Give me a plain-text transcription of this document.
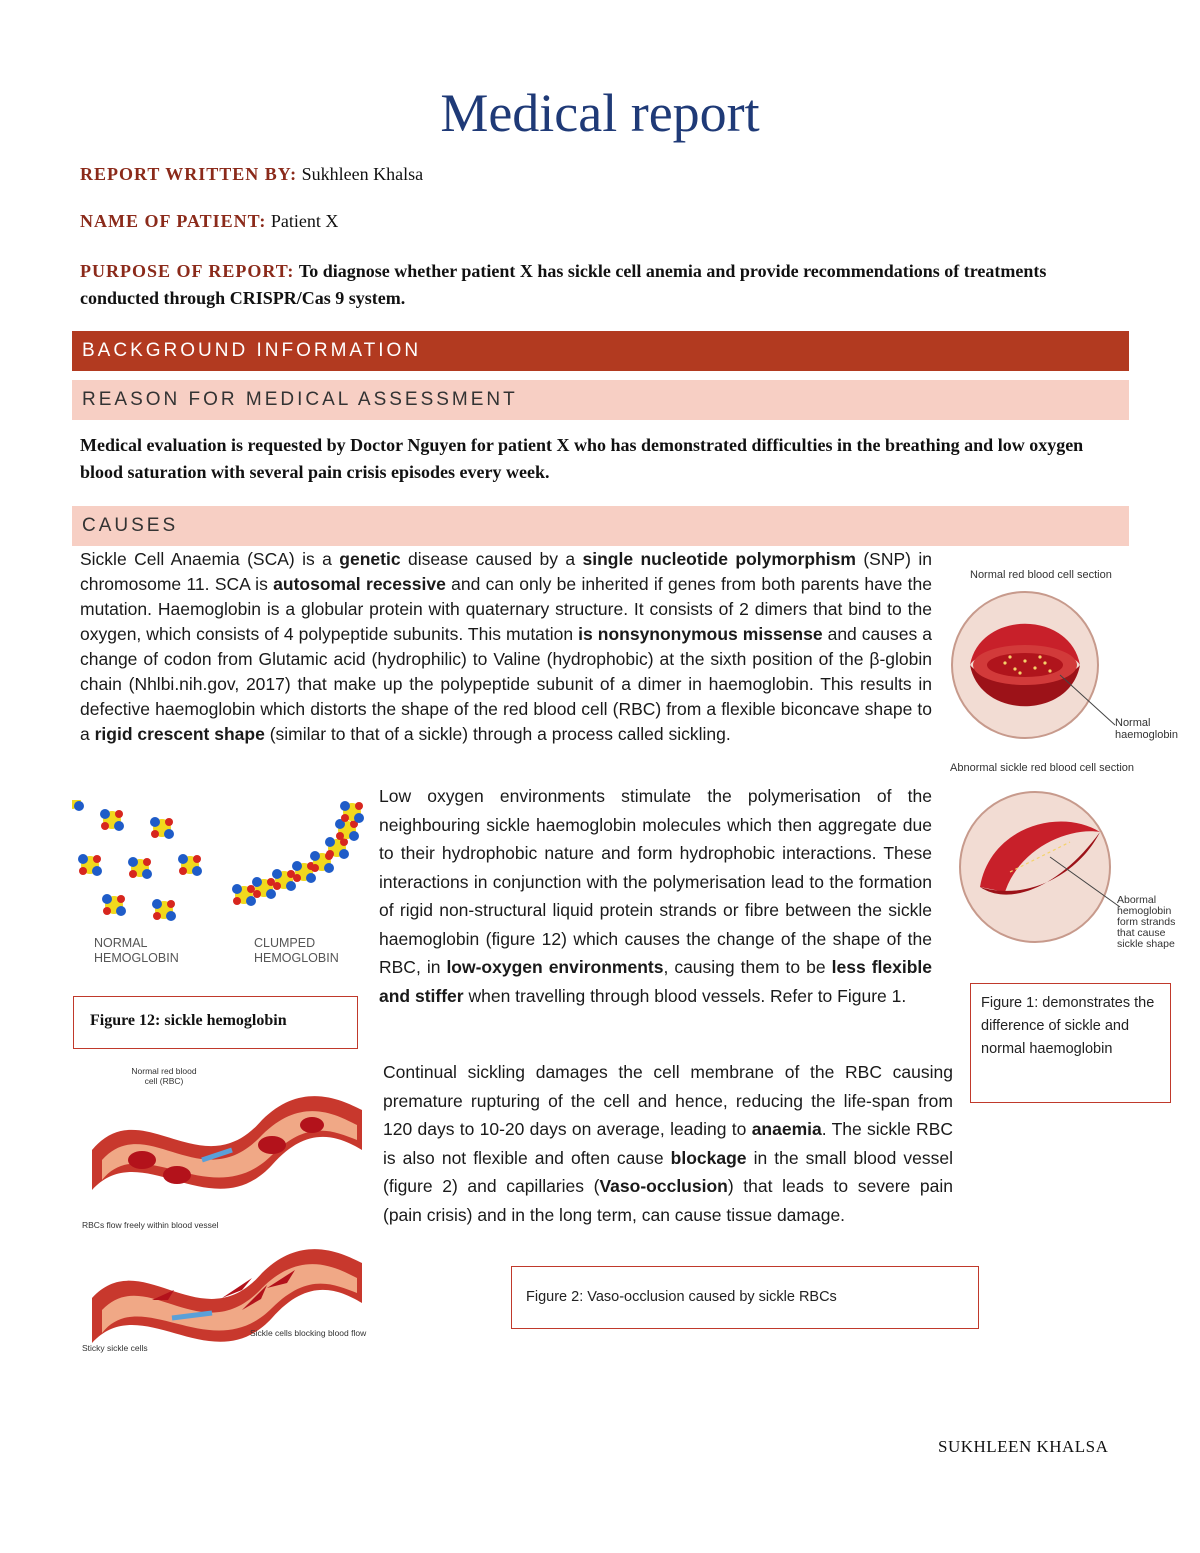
Medical report
REPORT WRITTEN BY: Sukhleen Khalsa
NAME OF PATIENT: Patient X
PURPOSE OF REPORT: To diagnose whether patient X has sickle cell anemia and provide recommendations of treatments conducted through CRISPR/Cas 9 system.
BACKGROUND INFORMATION
REASON FOR MEDICAL ASSESSMENT
Medical evaluation is requested by Doctor Nguyen for patient X who has demonstrated difficulties in the breathing and low oxygen blood saturation with several pain crisis episodes every week.
CAUSES
Sickle Cell Anaemia (SCA) is a genetic disease caused by a single nucleotide polymorphism (SNP) in chromosome 11. SCA is autosomal recessive and can only be inherited if genes from both parents have the mutation. Haemoglobin is a globular protein with quaternary structure. It consists of 2 dimers that bind to the oxygen, which consists of 4 polypeptide subunits. This mutation is nonsynonymous missense and causes a change of codon from Glutamic acid (hydrophilic) to Valine (hydrophobic) at the sixth position of the β-globin chain (Nhlbi.nih.gov, 2017) that make up the polypeptide subunit of a dimer in haemoglobin. This results in defective haemoglobin which distorts the shape of the red blood cell (RBC) from a flexible biconcave shape to a rigid crescent shape (similar to that of a sickle) through a process called sickling.
Low oxygen environments stimulate the polymerisation of the neighbouring sickle haemoglobin molecules which then aggregate due to their hydrophobic nature and form hydrophobic interactions. These interactions in conjunction with the polymerisation lead to the formation of rigid non-structural liquid protein strands or fibre between the sickle haemoglobin (figure 12) which causes the change of the shape of the RBC, in low-oxygen environments, causing them to be less flexible and stiffer when travelling through blood vessels. Refer to Figure 1.
Continual sickling damages the cell membrane of the RBC causing premature rupturing of the cell and hence, reducing the life-span from 120 days to 10-20 days on average, leading to anaemia. The sickle RBC is also not flexible and often cause blockage in the small blood vessel (figure 2) and capillaries (Vaso-occlusion) that leads to severe pain (pain crisis) and in the long term, can cause tissue damage.
Normal red blood cell section
Normal haemoglobin
Abnormal sickle red blood cell section
Abormal hemoglobin form strands that cause sickle shape
Figure 1: demonstrates the difference of sickle and normal haemoglobin
NORMAL HEMOGLOBIN
CLUMPED HEMOGLOBIN
Figure 12: sickle hemoglobin
Normal red blood cell (RBC)
RBCs flow freely within blood vessel
Sticky sickle cells
Sickle cells blocking blood flow
Figure 2: Vaso-occlusion caused by sickle RBCs
SUKHLEEN KHALSA
